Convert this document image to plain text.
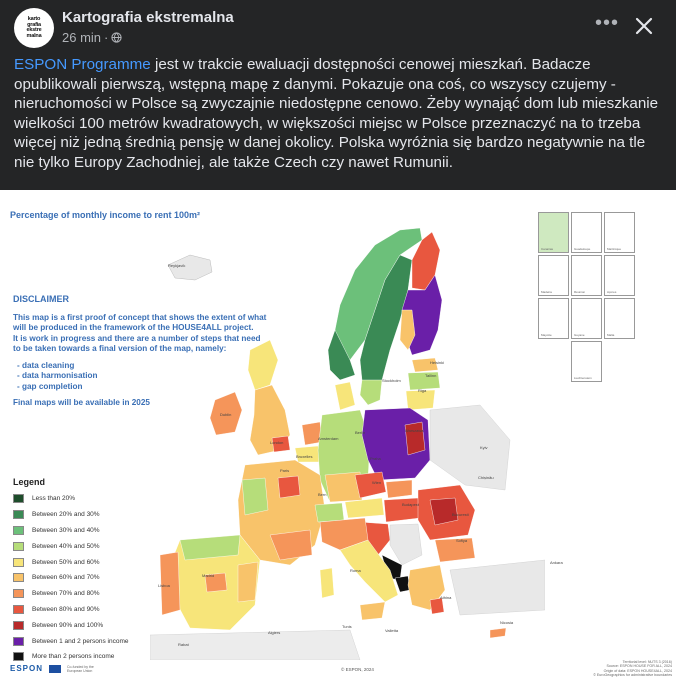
karto
grafia
ekstre
malna
Kartografia ekstremalna
26 min ·
•••
ESPON Programme jest w trakcie ewaluacji dostępności cenowej mieszkań. Badacze opublikowali pierwszą, wstępną mapę z danymi. Pokazuje ona coś, co wszyscy czujemy - nieruchomości w Polsce są zwyczajnie niedostępne cenowo. Żeby wynająć dom lub mieszkanie wielkości 100 metrów kwadratowych, w większości miejsc w Polsce przeznaczyć na to trzeba więcej niż jedną średnią pensję w danej okolicy. Polska wyróżnia się bardzo negatywnie na tle nie tylko Europy Zachodniej, ale także Czech czy nawet Rumunii.
Percentage of monthly income to rent 100m²
Canarias	Guadeloupe	Martinique
Madeira	Réunion	Açores
Mayotte	Guyane	Malta
Liechtenstein
Reykjavík
Helsinki
Stockholm
Tallinn
Riga
Dublin
London
Amsterdam
Berlin
Bruxelles
Warszawa
Praha
Paris
Bern
Wien
Budapest
Kyiv
Chișinău
Bucuresti
Madrid
Lisboa
Roma
Sofiya
Ankara
Athina
Valletta
Nicosia
Algiers
Tunis
Rabat

DISCLAIMER

This map is a first proof of concept that shows the extent of what will be produced in the framework of the HOUSE4ALL project.

It is work in progress and there are a number of steps that need to be taken towards a final version of the map, namely:

- data cleaning
- data harmonisation
- gap completion

Final maps will be available in 2025

Legend
Less than 20%
Between 20% and 30%
Between 30% and 40%
Between 40% and 50%
Between 50% and 60%
Between 60% and 70%
Between 70% and 80%
Between 80% and 90%
Between 90% and 100%
Between 1 and 2 persons income
More than 2 persons income
ESPON	Co-funded by the European Union	© ESPON, 2024
Territorial level: NUTS 3 (2016)
Source: ESPON HOUSE FOR ALL, 2024
Origin of data: ESPON HOUSE4ALL, 2024
© EuroGeographics for administrative boundaries
